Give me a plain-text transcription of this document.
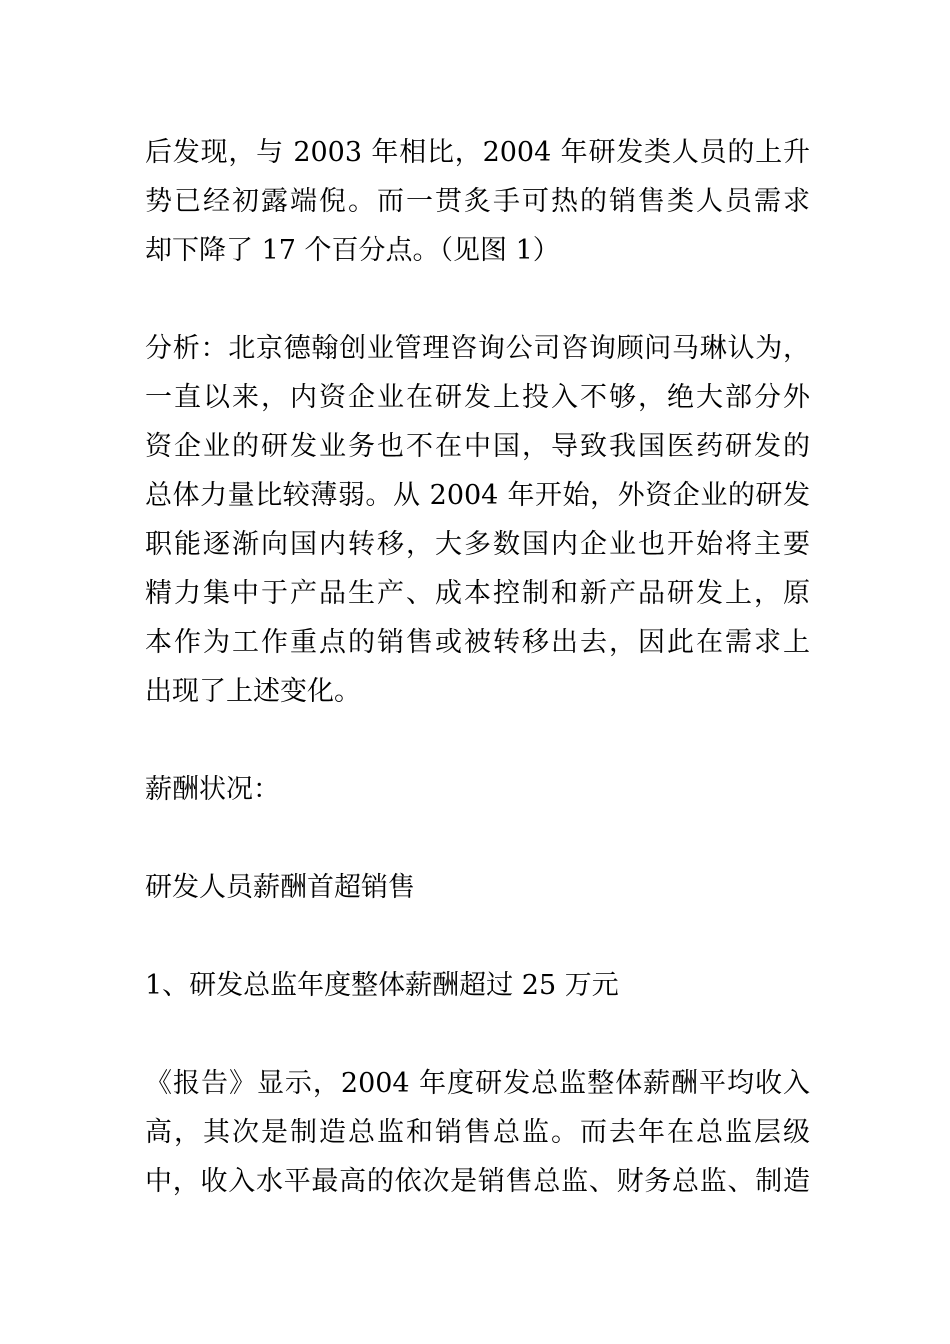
后发现，与 2003 年相比，2004 年研发类人员的上升
势已经初露端倪。而一贯炙手可热的销售类人员需求
却下降了 17 个百分点。（见图 1）

分析：北京德翰创业管理咨询公司咨询顾问马琳认为，
一直以来，内资企业在研发上投入不够，绝大部分外
资企业的研发业务也不在中国，导致我国医药研发的
总体力量比较薄弱。从 2004 年开始，外资企业的研发
职能逐渐向国内转移，大多数国内企业也开始将主要
精力集中于产品生产、成本控制和新产品研发上，原
本作为工作重点的销售或被转移出去，因此在需求上
出现了上述变化。

薪酬状况：

研发人员薪酬首超销售

1、研发总监年度整体薪酬超过 25 万元

《报告》显示，2004 年度研发总监整体薪酬平均收入
高，其次是制造总监和销售总监。而去年在总监层级
中，收入水平最高的依次是销售总监、财务总监、制造
